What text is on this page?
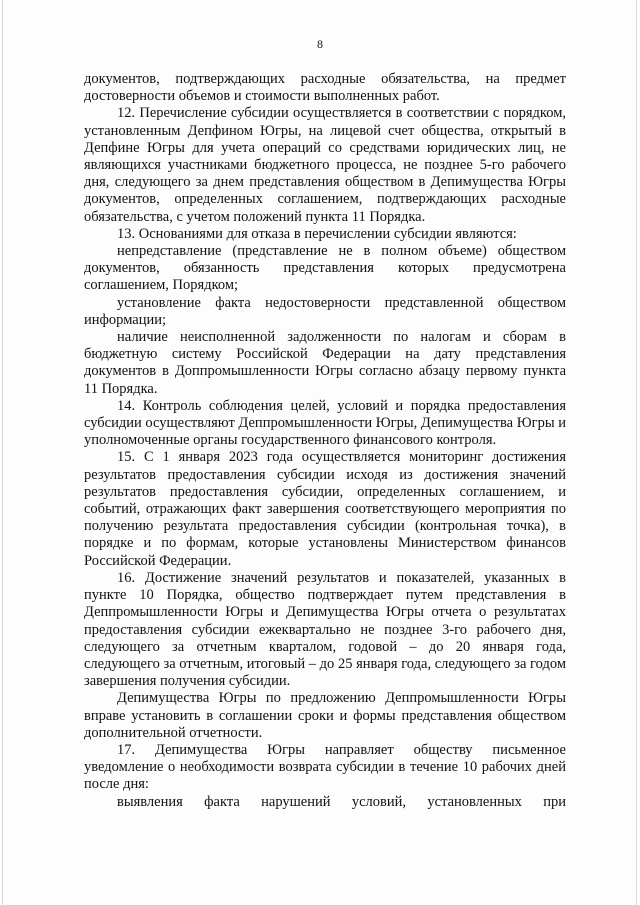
8

документов, подтверждающих расходные обязательства, на предмет достоверности объемов и стоимости выполненных работ.

12. Перечисление субсидии осуществляется в соответствии с порядком, установленным Депфином Югры, на лицевой счет общества, открытый в Депфине Югры для учета операций со средствами юридических лиц, не являющихся участниками бюджетного процесса, не позднее 5-го рабочего дня, следующего за днем представления обществом в Депимущества Югры документов, определенных соглашением, подтверждающих расходные обязательства, с учетом положений пункта 11 Порядка.

13. Основаниями для отказа в перечислении субсидии являются:

непредставление (представление не в полном объеме) обществом документов, обязанность представления которых предусмотрена соглашением, Порядком;

установление факта недостоверности представленной обществом информации;

наличие неисполненной задолженности по налогам и сборам в бюджетную систему Российской Федерации на дату представления документов в Доппромышленности Югры согласно абзацу первому пункта 11 Порядка.

14. Контроль соблюдения целей, условий и порядка предоставления субсидии осуществляют Деппромышленности Югры, Депимущества Югры и уполномоченные органы государственного финансового контроля.

15. С 1 января 2023 года осуществляется мониторинг достижения результатов предоставления субсидии исходя из достижения значений результатов предоставления субсидии, определенных соглашением, и событий, отражающих факт завершения соответствующего мероприятия по получению результата предоставления субсидии (контрольная точка), в порядке и по формам, которые установлены Министерством финансов Российской Федерации.

16. Достижение значений результатов и показателей, указанных в пункте 10 Порядка, общество подтверждает путем представления в Деппромышленности Югры и Депимущества Югры отчета о результатах предоставления субсидии ежеквартально не позднее 3-го рабочего дня, следующего за отчетным кварталом, годовой – до 20 января года, следующего за отчетным, итоговый – до 25 января года, следующего за годом завершения получения субсидии.

Депимущества Югры по предложению Деппромышленности Югры вправе установить в соглашении сроки и формы представления обществом дополнительной отчетности.

17. Депимущества Югры направляет обществу письменное уведомление о необходимости возврата субсидии в течение 10 рабочих дней после дня:

выявления факта нарушений условий, установленных при
